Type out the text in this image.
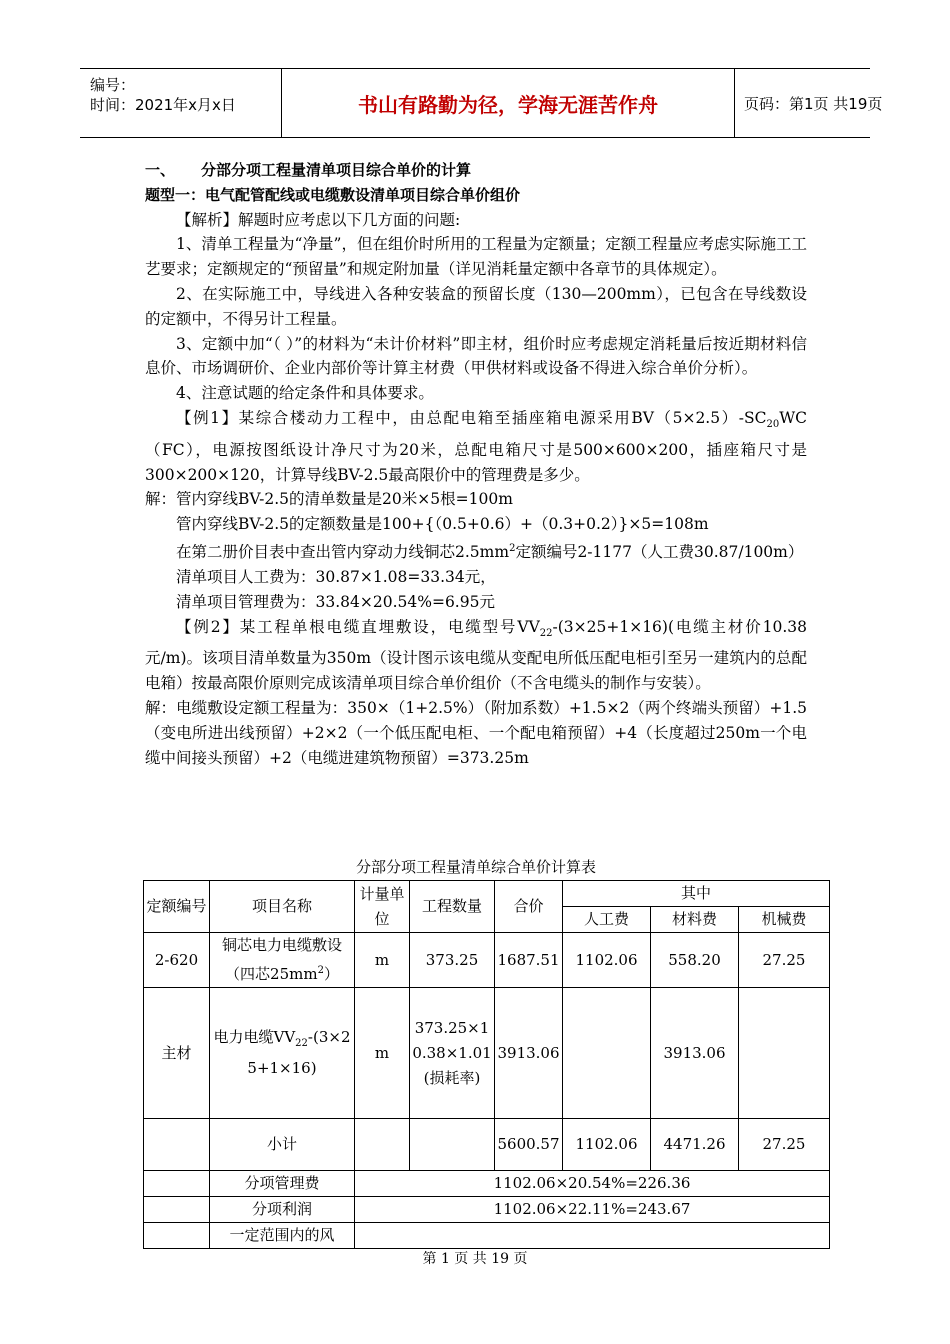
编号：
时间：2021年x月x日	书山有路勤为径，学海无涯苦作舟	页码：第1页 共19页

一、 分部分项工程量清单项目综合单价的计算

题型一：电气配管配线或电缆敷设清单项目综合单价组价

【解析】解题时应考虑以下几方面的问题:

1、清单工程量为“净量”，但在组价时所用的工程量为定额量；定额工程量应考虑实际施工工艺要求；定额规定的“预留量”和规定附加量（详见消耗量定额中各章节的具体规定）。

2、在实际施工中，导线进入各种安装盒的预留长度（130—200mm），已包含在导线数设的定额中，不得另计工程量。

3、定额中加“（ ）”的材料为“未计价材料”即主材，组价时应考虑规定消耗量后按近期材料信息价、市场调研价、企业内部价等计算主材费（甲供材料或设备不得进入综合单价分析）。

4、注意试题的给定条件和具体要求。

【例1】某综合楼动力工程中，由总配电箱至插座箱电源采用$BV(5\times 2.5)-SC_{20}WC(FC)$，电源按图纸设计净尺寸为20米，总配电箱尺寸是500×600×200，插座箱尺寸是300×200×120，计算导线BV-2.5最高限价中的管理费是多少。

解：管内穿线BV-2.5的清单数量是20米×5根=100m

管内穿线BV-2.5的定额数量是100+{（0.5+0.6）+（0.3+0.2）}×5=108m

在第二册价目表中查出管内穿动力线铜芯$2.5mm^2$定额编号2-1177（人工费30.87/100m）

清单项目人工费为：30.87×1.08=33.34元，

清单项目管理费为：33.84×20.54%=6.95元

【例2】某工程单根电缆直埋敷设，电缆型号$VV_{22}-(3\times 25+1\times 16)$(电缆主材价10.38元/m)。该项目清单数量为350m（设计图示该电缆从变配电所低压配电柜引至另一建筑内的总配电箱）按最高限价原则完成该清单项目综合单价组价（不含电缆头的制作与安装）。

解：电缆敷设定额工程量为：350×（1+2.5%）（附加系数）+1.5×2（两个终端头预留）+1.5（变电所进出线预留）+2×2（一个低压配电柜、一个配电箱预留）+4（长度超过250m一个电缆中间接头预留）+2（电缆进建筑物预留）=373.25m

分部分项工程量清单综合单价计算表
定额编号	项目名称	计量单位	工程数量	合价	其中		
					人工费	材料费	机械费
2-620	铜芯电力电缆敷设（四芯$25mm^2$）	m	373.25	1687.51	1102.06	558.20	27.25
主材	电力电缆$VV_{22}-(3\times 25+1\times 16)$	m	373.25×10.38×1.01(损耗率)	3913.06		3913.06	
	小计			5600.57	1102.06	4471.26	27.25
	分项管理费	1102.06×20.54%=226.36					
	分项利润	1102.06×22.11%=243.67					
	一定范围内的风						
第 1 页 共 19 页
